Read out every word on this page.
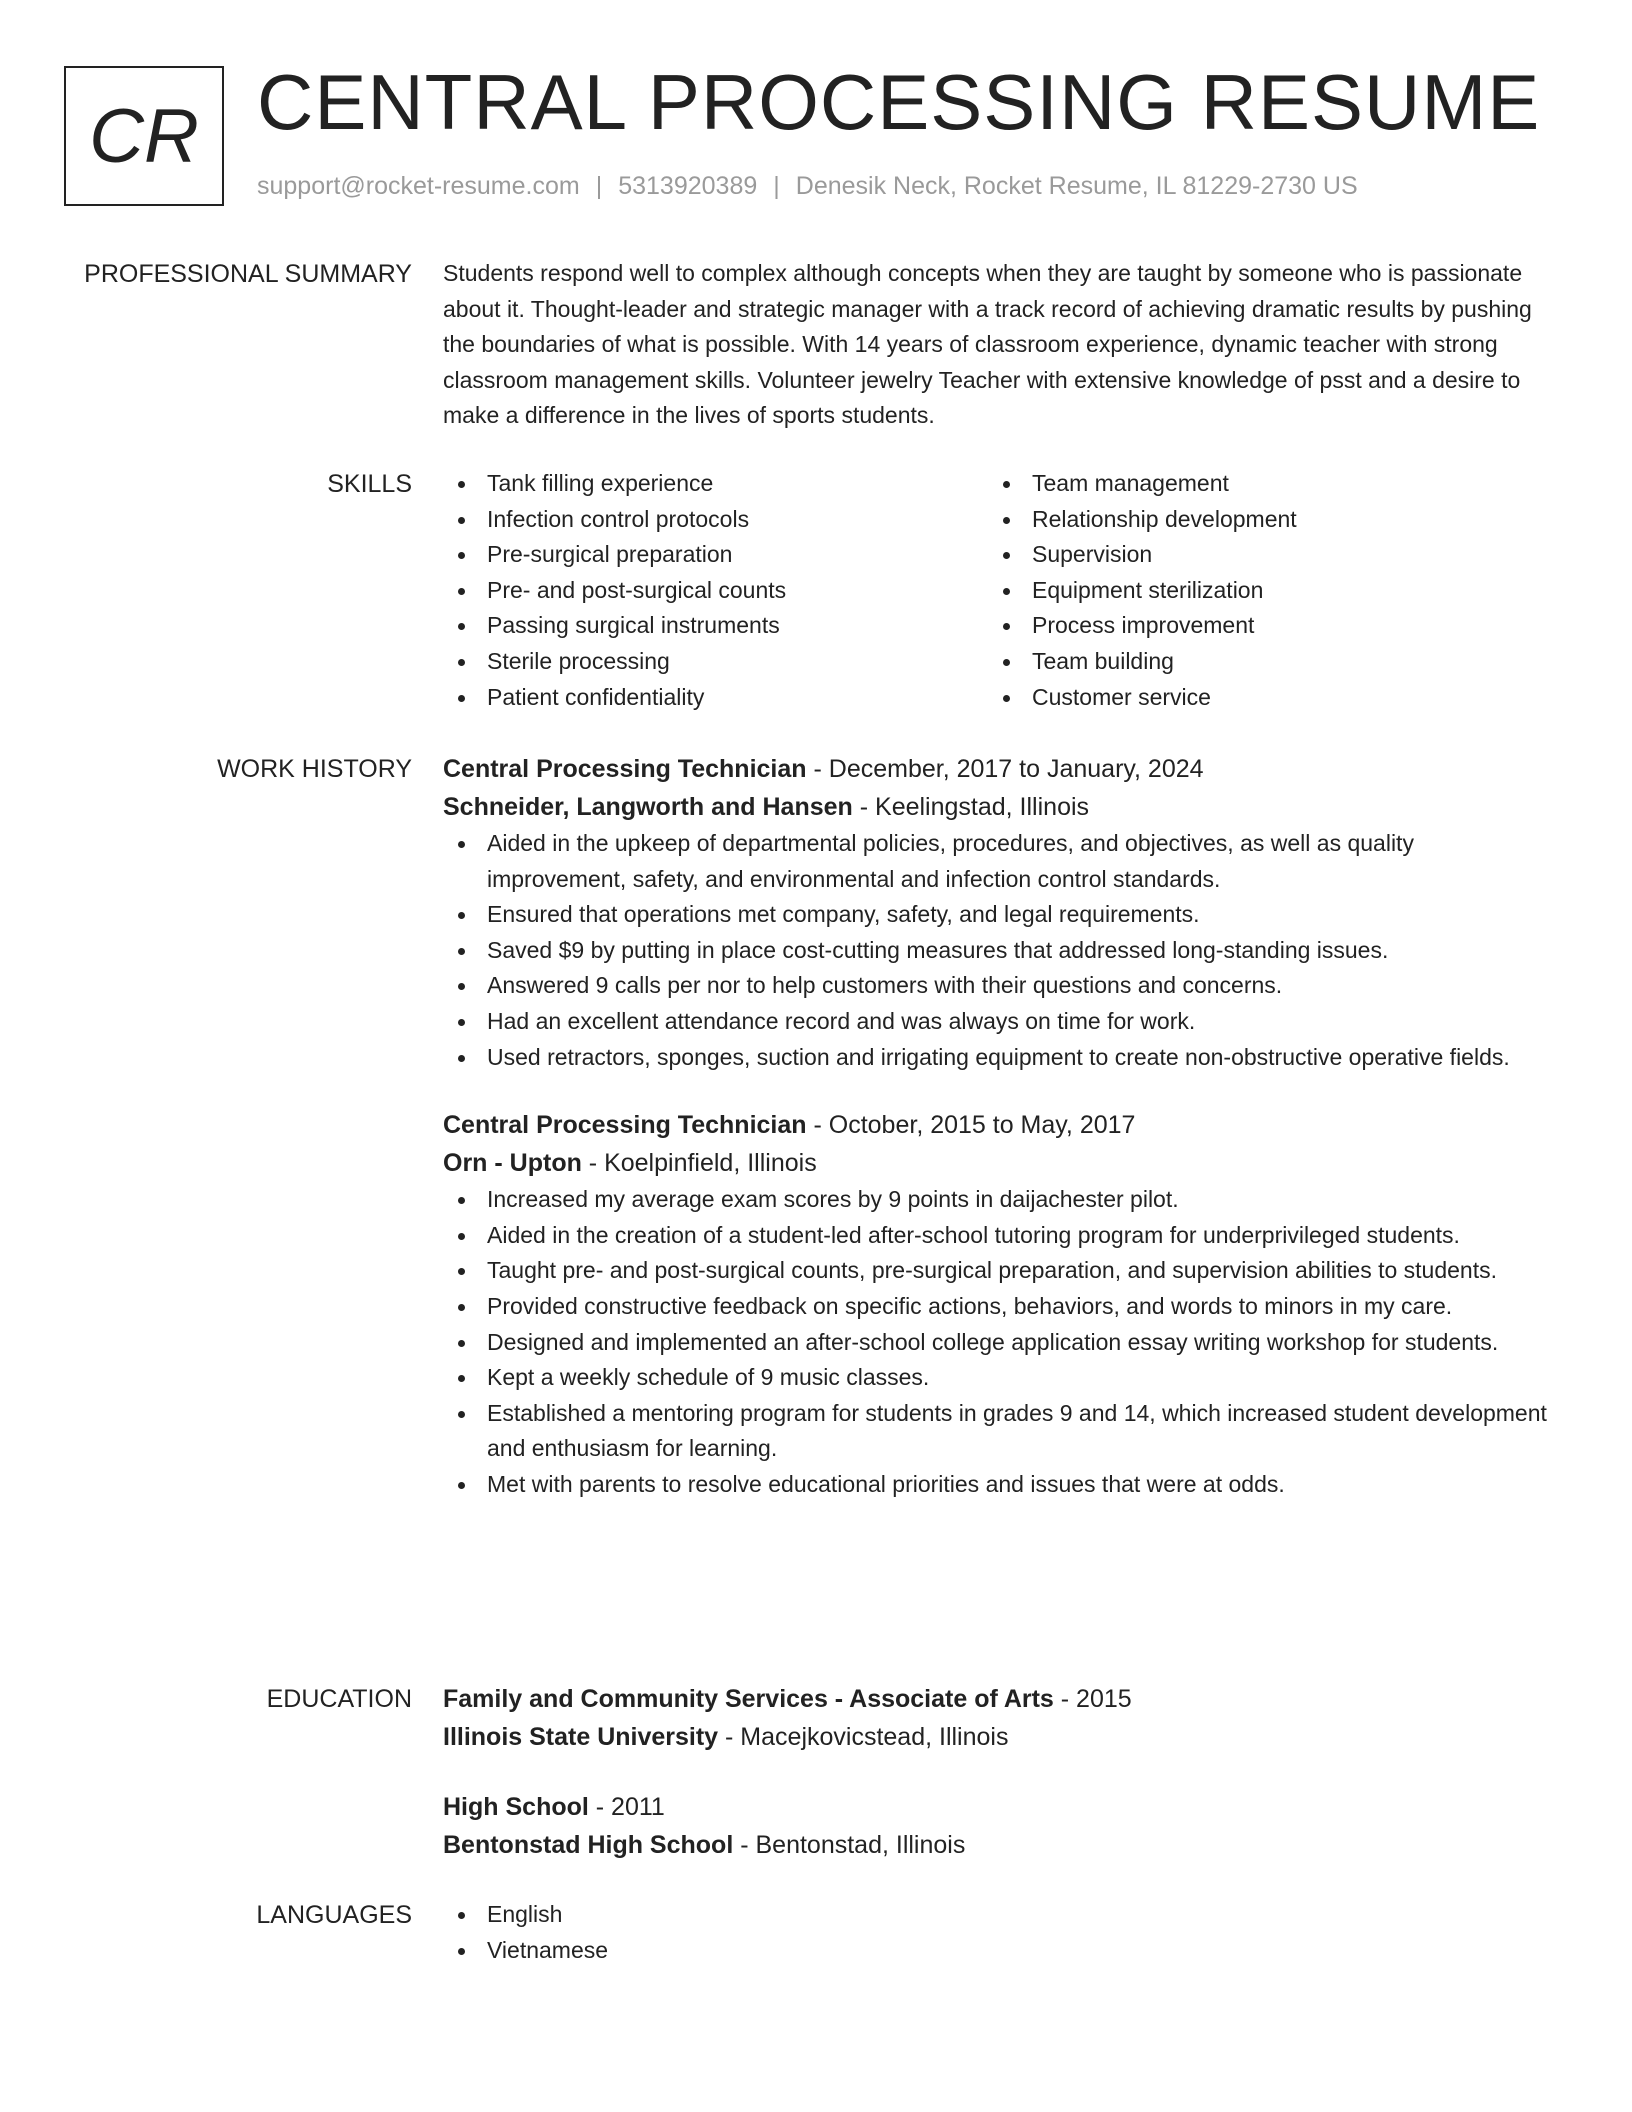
CR CENTRAL PROCESSING RESUME
support@rocket-resume.com | 5313920389 | Denesik Neck, Rocket Resume, IL 81229-2730 US
PROFESSIONAL SUMMARY Students respond well to complex although concepts when they are taught by someone who is passionate about it. Thought-leader and strategic manager with a track record of achieving dramatic results by pushing the boundaries of what is possible. With 14 years of classroom experience, dynamic teacher with strong classroom management skills. Volunteer jewelry Teacher with extensive knowledge of psst and a desire to make a difference in the lives of sports students.

SKILLS	Tank filling experience
Infection control protocols
Pre-surgical preparation
Pre- and post-surgical counts
Passing surgical instruments
Sterile processing
Patient confidentiality
Team management
Relationship development
Supervision
Equipment sterilization
Process improvement
Team building
Customer service
WORK HISTORY Central Processing Technician - December, 2017 to January, 2024
Schneider, Langworth and Hansen - Keelingstad, Illinois
Aided in the upkeep of departmental policies, procedures, and objectives, as well as quality improvement, safety, and environmental and infection control standards.
Ensured that operations met company, safety, and legal requirements.
Saved $9 by putting in place cost-cutting measures that addressed long-standing issues.
Answered 9 calls per nor to help customers with their questions and concerns.
Had an excellent attendance record and was always on time for work.
Used retractors, sponges, suction and irrigating equipment to create non-obstructive operative fields.
Central Processing Technician - October, 2015 to May, 2017
Orn - Upton - Koelpinfield, Illinois
Increased my average exam scores by 9 points in daijachester pilot.
Aided in the creation of a student-led after-school tutoring program for underprivileged students.
Taught pre- and post-surgical counts, pre-surgical preparation, and supervision abilities to students.
Provided constructive feedback on specific actions, behaviors, and words to minors in my care.
Designed and implemented an after-school college application essay writing workshop for students.
Kept a weekly schedule of 9 music classes.
Established a mentoring program for students in grades 9 and 14, which increased student development and enthusiasm for learning.
Met with parents to resolve educational priorities and issues that were at odds.
EDUCATION Family and Community Services - Associate of Arts - 2015
Illinois State University - Macejkovicstead, Illinois
High School - 2011
Bentonstad High School - Bentonstad, Illinois
LANGUAGES	English
Vietnamese
